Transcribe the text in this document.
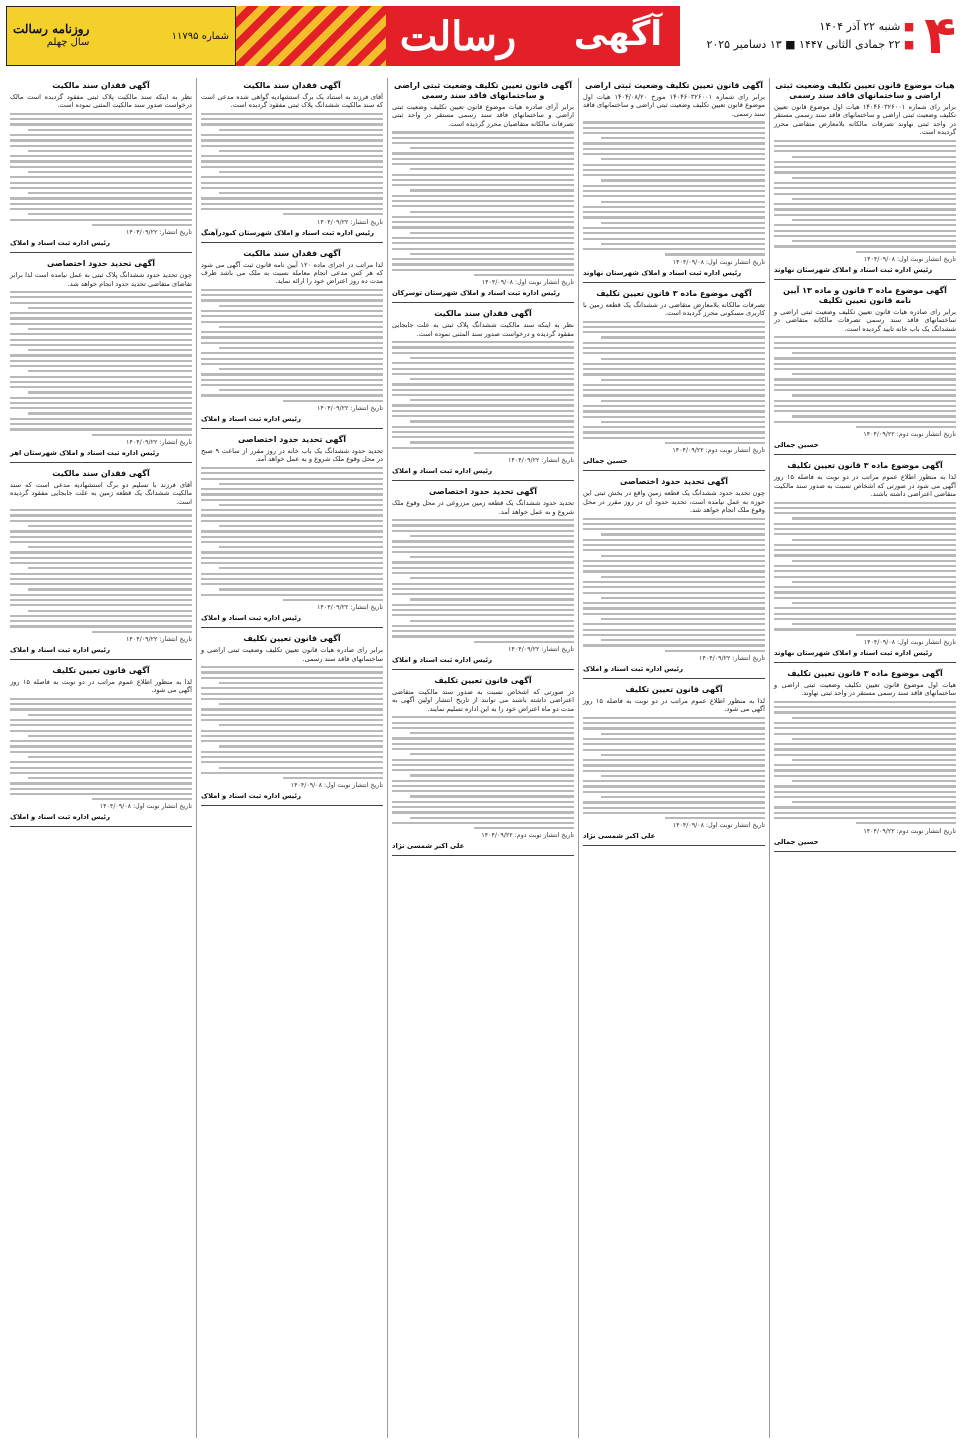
روزنامه رسالت
سال چهلم
شماره ۱۱۷۹۵	رسالت آگهی	■ شنبه ۲۲ آذر ۱۴۰۴
■ ۲۲ جمادی الثانی ۱۴۴۷ ■ ۱۳ دسامبر ۲۰۲۵ ۴
هیات موضوع قانون تعیین تکلیف وضعیت ثبتی اراضی و ساختمانهای فاقد سند رسمی

برابر رای شماره ۱۴۰۴۶۰۳۲۶۰۰۱ هیات اول موضوع قانون تعیین تکلیف وضعیت ثبتی اراضی و ساختمانهای فاقد سند رسمی مستقر در واحد ثبتی نهاوند تصرفات مالکانه بلامعارض متقاضی محرز گردیده است.

تاریخ انتشار نوبت اول: ۱۴۰۴/۰۹/۰۸
رئیس اداره ثبت اسناد و املاک شهرستان نهاوند
آگهی موضوع ماده ۳ قانون و ماده ۱۳ آیین نامه قانون تعیین تکلیف

برابر رای صادره هیات قانون تعیین تکلیف وضعیت ثبتی اراضی و ساختمانهای فاقد سند رسمی تصرفات مالکانه متقاضی در ششدانگ یک باب خانه تایید گردیده است.

تاریخ انتشار نوبت دوم: ۱۴۰۴/۰۹/۲۲
حسین جمالی
آگهی موضوع ماده ۳ قانون تعیین تکلیف

لذا به منظور اطلاع عموم مراتب در دو نوبت به فاصله ۱۵ روز آگهی می شود در صورتی که اشخاص نسبت به صدور سند مالکیت متقاضی اعتراضی داشته باشند.

تاریخ انتشار نوبت اول: ۱۴۰۴/۰۹/۰۸
رئیس اداره ثبت اسناد و املاک شهرستان نهاوند
آگهی موضوع ماده ۳ قانون تعیین تکلیف

هیات اول موضوع قانون تعیین تکلیف وضعیت ثبتی اراضی و ساختمانهای فاقد سند رسمی مستقر در واحد ثبتی نهاوند.

تاریخ انتشار نوبت دوم: ۱۴۰۴/۰۹/۲۲
حسین جمالی
آگهی قانون تعیین تکلیف وضعیت ثبتی اراضی

برابر رای شماره ۱۴۰۴۶۰۳۲۶۰۰۱ مورخ ۱۴۰۴/۰۸/۲۰ هیات اول موضوع قانون تعیین تکلیف وضعیت ثبتی اراضی و ساختمانهای فاقد سند رسمی.

تاریخ انتشار نوبت اول: ۱۴۰۴/۰۹/۰۸
رئیس اداره ثبت اسناد و املاک شهرستان نهاوند
آگهی موضوع ماده ۳ قانون تعیین تکلیف

تصرفات مالکانه بلامعارض متقاضی در ششدانگ یک قطعه زمین با کاربری مسکونی محرز گردیده است.

تاریخ انتشار نوبت دوم: ۱۴۰۴/۰۹/۲۲
حسین جمالی
آگهی تحدید حدود اختصاصی

چون تحدید حدود ششدانگ یک قطعه زمین واقع در بخش ثبتی این حوزه به عمل نیامده است، تحدید حدود آن در روز مقرر در محل وقوع ملک انجام خواهد شد.

تاریخ انتشار: ۱۴۰۴/۰۹/۲۲
رئیس اداره ثبت اسناد و املاک
آگهی قانون تعیین تکلیف

لذا به منظور اطلاع عموم مراتب در دو نوبت به فاصله ۱۵ روز آگهی می شود.

تاریخ انتشار نوبت اول: ۱۴۰۴/۰۹/۰۸
علی اکبر شمسی نژاد
آگهی قانون تعیین تکلیف وضعیت ثبتی اراضی و ساختمانهای فاقد سند رسمی

برابر آرای صادره هیات موضوع قانون تعیین تکلیف وضعیت ثبتی اراضی و ساختمانهای فاقد سند رسمی مستقر در واحد ثبتی تصرفات مالکانه متقاضیان محرز گردیده است.

تاریخ انتشار نوبت اول: ۱۴۰۴/۰۹/۰۸
رئیس اداره ثبت اسناد و املاک شهرستان توسرکان
آگهی فقدان سند مالکیت

نظر به اینکه سند مالکیت ششدانگ پلاک ثبتی به علت جابجایی مفقود گردیده و درخواست صدور سند المثنی نموده است.

تاریخ انتشار: ۱۴۰۴/۰۹/۲۲
رئیس اداره ثبت اسناد و املاک
آگهی تحدید حدود اختصاصی

تحدید حدود ششدانگ یک قطعه زمین مزروعی در محل وقوع ملک شروع و به عمل خواهد آمد.

تاریخ انتشار: ۱۴۰۴/۰۹/۲۲
رئیس اداره ثبت اسناد و املاک
آگهی قانون تعیین تکلیف

در صورتی که اشخاص نسبت به صدور سند مالکیت متقاضی اعتراضی داشته باشند می توانند از تاریخ انتشار اولین آگهی به مدت دو ماه اعتراض خود را به این اداره تسلیم نمایند.

تاریخ انتشار نوبت دوم: ۱۴۰۴/۰۹/۲۲
علی اکبر شمسی نژاد
آگهی فقدان سند مالکیت

آقای فرزند به استناد یک برگ استشهادیه گواهی شده مدعی است که سند مالکیت ششدانگ پلاک ثبتی مفقود گردیده است.

تاریخ انتشار: ۱۴۰۴/۰۹/۲۲
رئیس اداره ثبت اسناد و املاک شهرستان کبودرآهنگ
آگهی فقدان سند مالکیت

لذا مراتب در اجرای ماده ۱۲۰ آیین نامه قانون ثبت آگهی می شود که هر کس مدعی انجام معامله نسبت به ملک می باشد ظرف مدت ده روز اعتراض خود را ارائه نماید.

تاریخ انتشار: ۱۴۰۴/۰۹/۲۲
رئیس اداره ثبت اسناد و املاک
آگهی تحدید حدود اختصاصی

تحدید حدود ششدانگ یک باب خانه در روز مقرر از ساعت ۹ صبح در محل وقوع ملک شروع و به عمل خواهد آمد.

تاریخ انتشار: ۱۴۰۴/۰۹/۲۲
رئیس اداره ثبت اسناد و املاک
آگهی قانون تعیین تکلیف

برابر رای صادره هیات قانون تعیین تکلیف وضعیت ثبتی اراضی و ساختمانهای فاقد سند رسمی.

تاریخ انتشار نوبت اول: ۱۴۰۴/۰۹/۰۸
رئیس اداره ثبت اسناد و املاک
آگهی فقدان سند مالکیت

نظر به اینکه سند مالکیت پلاک ثبتی مفقود گردیده است مالک درخواست صدور سند مالکیت المثنی نموده است.

تاریخ انتشار: ۱۴۰۴/۰۹/۲۲
رئیس اداره ثبت اسناد و املاک
آگهی تحدید حدود اختصاصی

چون تحدید حدود ششدانگ پلاک ثبتی به عمل نیامده است لذا برابر تقاضای متقاضی تحدید حدود انجام خواهد شد.

تاریخ انتشار: ۱۴۰۴/۰۹/۲۲
رئیس اداره ثبت اسناد و املاک شهرستان اهر
آگهی فقدان سند مالکیت

آقای فرزند با تسلیم دو برگ استشهادیه مدعی است که سند مالکیت ششدانگ یک قطعه زمین به علت جابجایی مفقود گردیده است.

تاریخ انتشار: ۱۴۰۴/۰۹/۲۲
رئیس اداره ثبت اسناد و املاک
آگهی قانون تعیین تکلیف

لذا به منظور اطلاع عموم مراتب در دو نوبت به فاصله ۱۵ روز آگهی می شود.

تاریخ انتشار نوبت اول: ۱۴۰۴/۰۹/۰۸
رئیس اداره ثبت اسناد و املاک
